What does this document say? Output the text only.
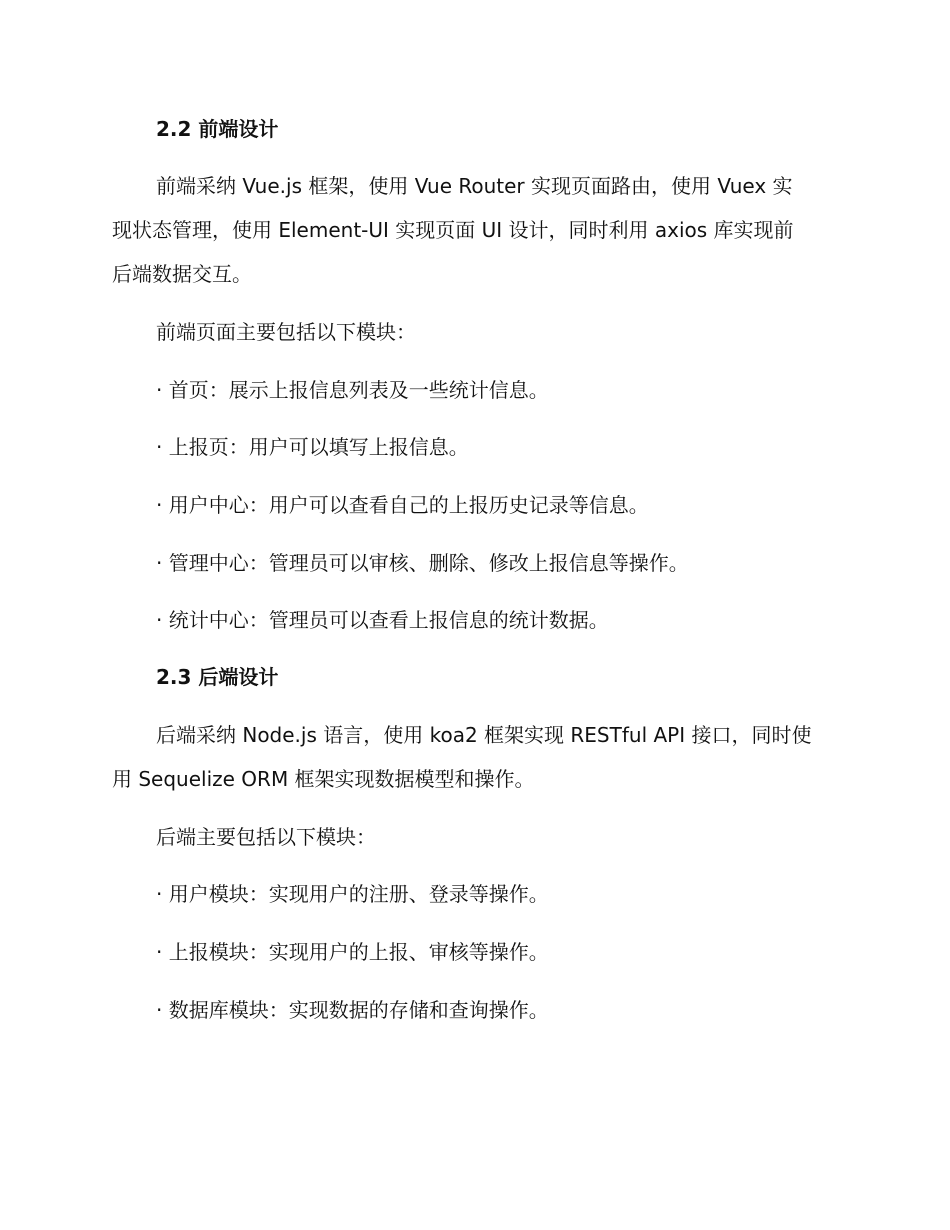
2.2 前端设计
前端采纳 Vue.js 框架，使用 Vue Router 实现页面路由，使用 Vuex 实
现状态管理，使用 Element-UI 实现页面 UI 设计，同时利用 axios 库实现前
后端数据交互。
前端页面主要包括以下模块：
· 首页：展示上报信息列表及一些统计信息。
· 上报页：用户可以填写上报信息。
· 用户中心：用户可以查看自己的上报历史记录等信息。
· 管理中心：管理员可以审核、删除、修改上报信息等操作。
· 统计中心：管理员可以查看上报信息的统计数据。
2.3 后端设计
后端采纳 Node.js 语言，使用 koa2 框架实现 RESTful API 接口，同时使
用 Sequelize ORM 框架实现数据模型和操作。
后端主要包括以下模块：
· 用户模块：实现用户的注册、登录等操作。
· 上报模块：实现用户的上报、审核等操作。
· 数据库模块：实现数据的存储和查询操作。
